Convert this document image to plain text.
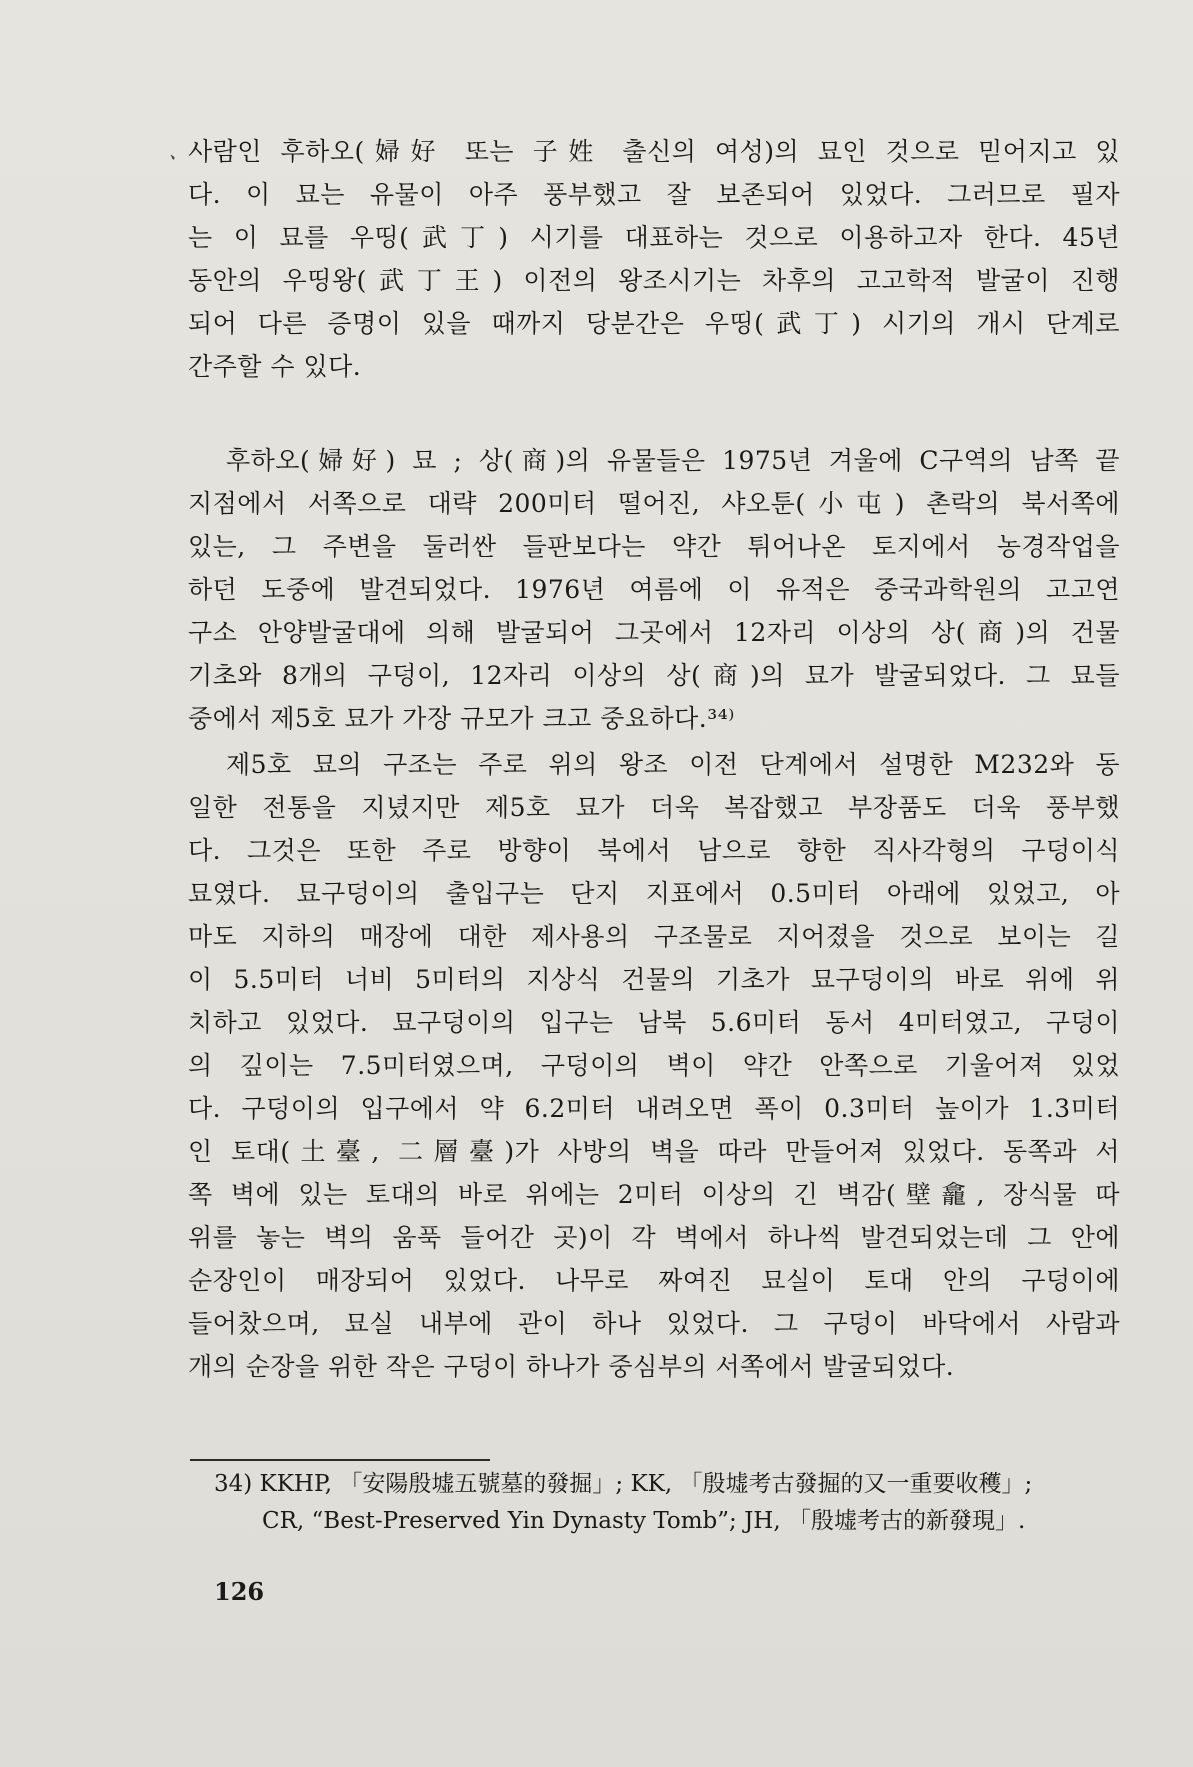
ㆍ 사람인 후하오(婦好 또는 子姓 출신의 여성)의 묘인 것으로 믿어지고 있
다. 이 묘는 유물이 아주 풍부했고 잘 보존되어 있었다. 그러므로 필자
는 이 묘를 우띵(武丁) 시기를 대표하는 것으로 이용하고자 한다. 45년
동안의 우띵왕(武丁王) 이전의 왕조시기는 차후의 고고학적 발굴이 진행
되어 다른 증명이 있을 때까지 당분간은 우띵(武丁) 시기의 개시 단계로
간주할 수 있다.
후하오(婦好) 묘 ; 상(商)의 유물들은 1975년 겨울에 C구역의 남쪽 끝
지점에서 서쪽으로 대략 200미터 떨어진, 샤오툰(小屯) 촌락의 북서쪽에
있는, 그 주변을 둘러싼 들판보다는 약간 튀어나온 토지에서 농경작업을
하던 도중에 발견되었다. 1976년 여름에 이 유적은 중국과학원의 고고연
구소 안양발굴대에 의해 발굴되어 그곳에서 12자리 이상의 상(商)의 건물
기초와 8개의 구덩이, 12자리 이상의 상(商)의 묘가 발굴되었다. 그 묘들
중에서 제5호 묘가 가장 규모가 크고 중요하다.³⁴⁾
제5호 묘의 구조는 주로 위의 왕조 이전 단계에서 설명한 M232와 동
일한 전통을 지녔지만 제5호 묘가 더욱 복잡했고 부장품도 더욱 풍부했
다. 그것은 또한 주로 방향이 북에서 남으로 향한 직사각형의 구덩이식
묘였다. 묘구덩이의 출입구는 단지 지표에서 0.5미터 아래에 있었고, 아
마도 지하의 매장에 대한 제사용의 구조물로 지어졌을 것으로 보이는 길
이 5.5미터 너비 5미터의 지상식 건물의 기초가 묘구덩이의 바로 위에 위
치하고 있었다. 묘구덩이의 입구는 남북 5.6미터 동서 4미터였고, 구덩이
의 깊이는 7.5미터였으며, 구덩이의 벽이 약간 안쪽으로 기울어져 있었
다. 구덩이의 입구에서 약 6.2미터 내려오면 폭이 0.3미터 높이가 1.3미터
인 토대(土臺, 二層臺)가 사방의 벽을 따라 만들어져 있었다. 동쪽과 서
쪽 벽에 있는 토대의 바로 위에는 2미터 이상의 긴 벽감(壁龕, 장식물 따
위를 놓는 벽의 움푹 들어간 곳)이 각 벽에서 하나씩 발견되었는데 그 안에
순장인이 매장되어 있었다. 나무로 짜여진 묘실이 토대 안의 구덩이에
들어찼으며, 묘실 내부에 관이 하나 있었다. 그 구덩이 바닥에서 사람과
개의 순장을 위한 작은 구덩이 하나가 중심부의 서쪽에서 발굴되었다.
34) KKHP, 「安陽殷墟五號墓的發掘」; KK, 「殷墟考古發掘的又一重要收穫」;
CR, “Best-Preserved Yin Dynasty Tomb”; JH, 「殷墟考古的新發現」.
126
